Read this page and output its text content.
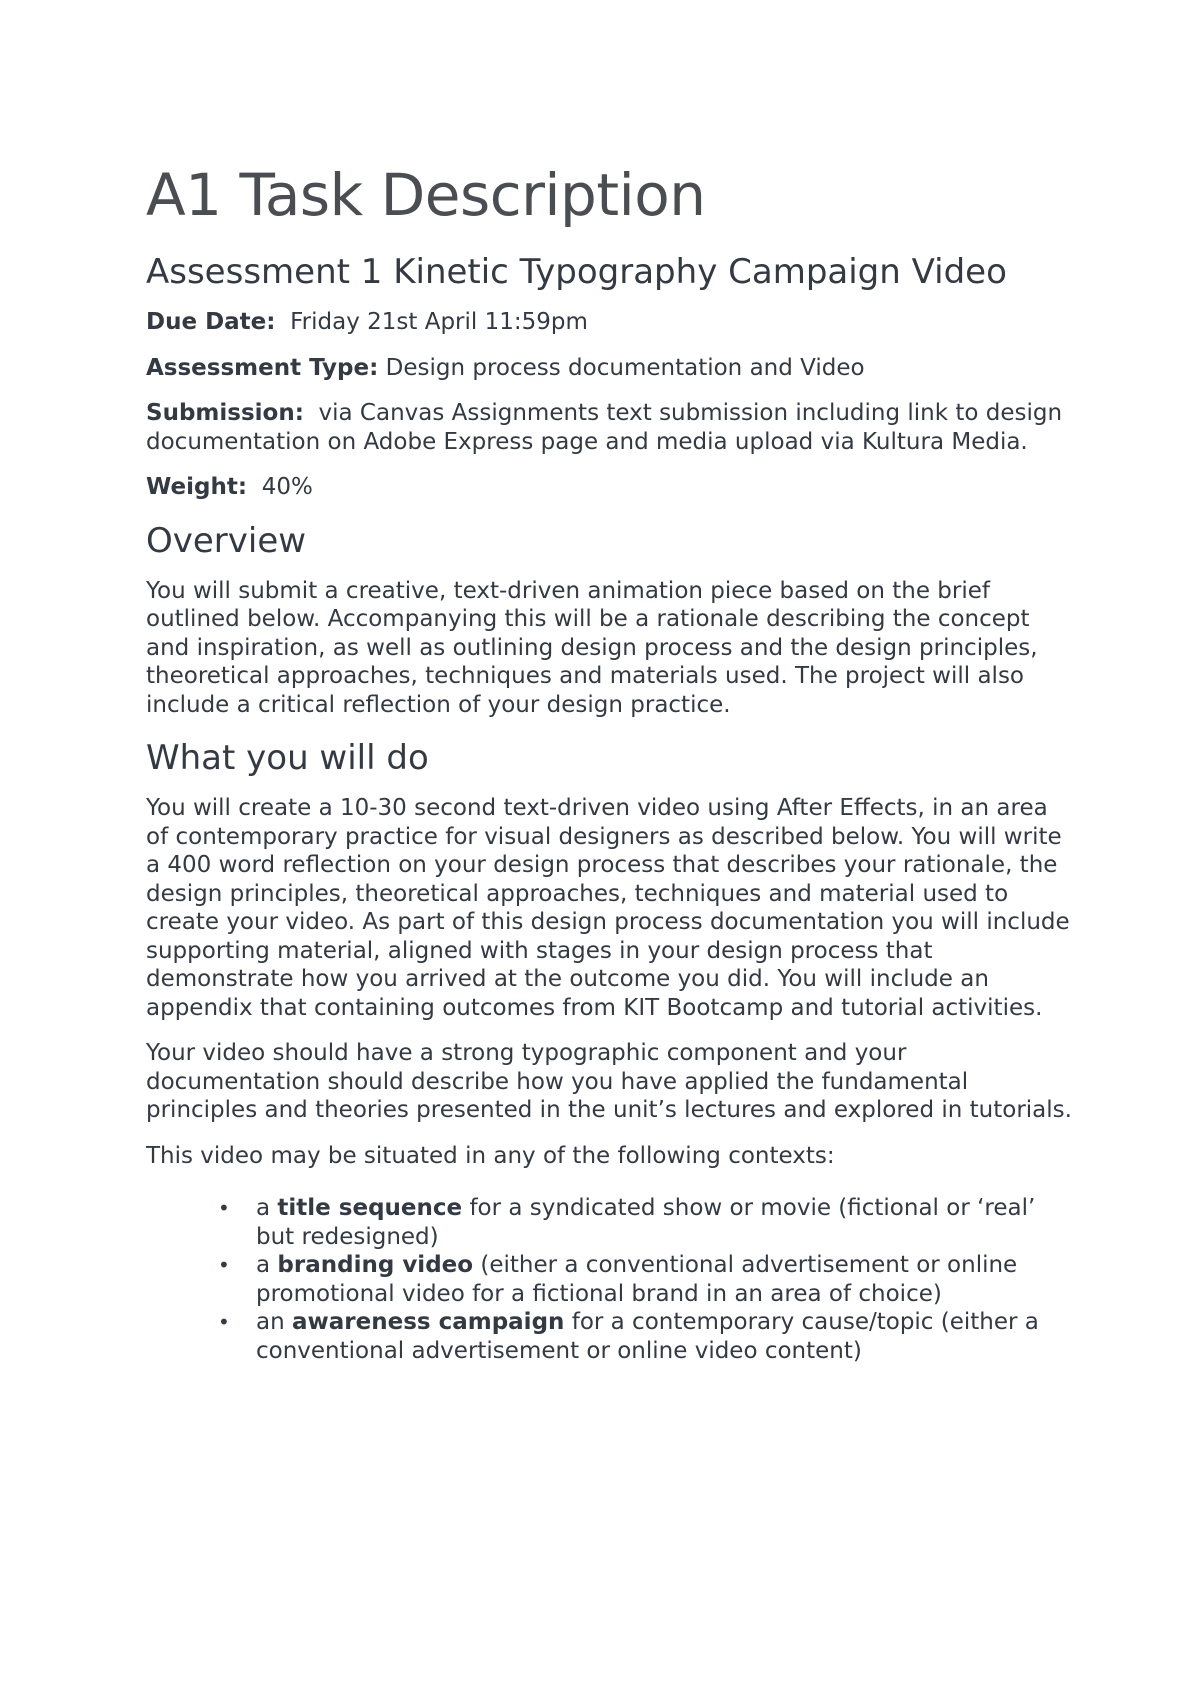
A1 Task Description
Assessment 1 Kinetic Typography Campaign Video

Due Date: Friday 21st April 11:59pm

Assessment Type: Design process documentation and Video

Submission: via Canvas Assignments text submission including link to design documentation on Adobe Express page and media upload via Kultura Media.

Weight: 40%

Overview

You will submit a creative, text-driven animation piece based on the brief outlined below. Accompanying this will be a rationale describing the concept and inspiration, as well as outlining design process and the design principles, theoretical approaches, techniques and materials used. The project will also include a critical reflection of your design practice.

What you will do

You will create a 10-30 second text-driven video using After Effects, in an area of contemporary practice for visual designers as described below. You will write a 400 word reflection on your design process that describes your rationale, the design principles, theoretical approaches, techniques and material used to create your video. As part of this design process documentation you will include supporting material, aligned with stages in your design process that demonstrate how you arrived at the outcome you did. You will include an appendix that containing outcomes from KIT Bootcamp and tutorial activities.

Your video should have a strong typographic component and your documentation should describe how you have applied the fundamental principles and theories presented in the unit’s lectures and explored in tutorials.

This video may be situated in any of the following contexts:

• a title sequence for a syndicated show or movie (fictional or ‘real’ but redesigned)
• a branding video (either a conventional advertisement or online promotional video for a fictional brand in an area of choice)
• an awareness campaign for a contemporary cause/topic (either a conventional advertisement or online video content)
